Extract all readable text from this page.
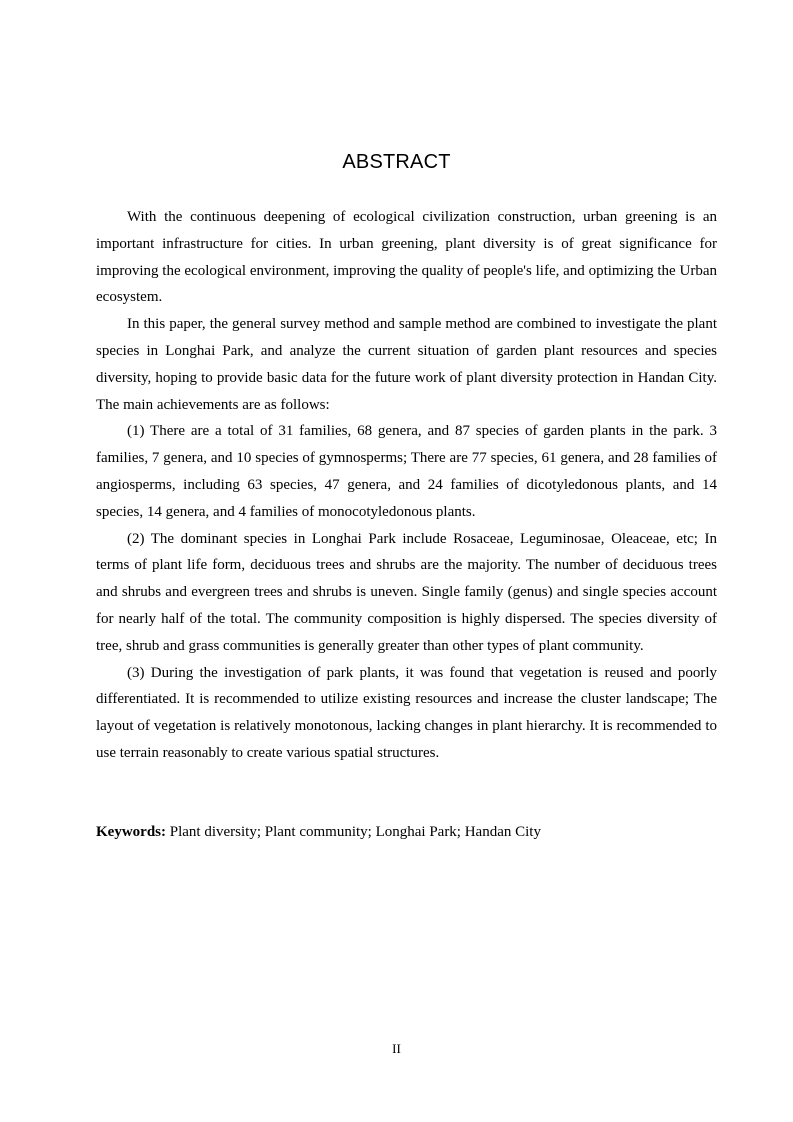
ABSTRACT

With the continuous deepening of ecological civilization construction, urban greening is an important infrastructure for cities. In urban greening, plant diversity is of great significance for improving the ecological environment, improving the quality of people's life, and optimizing the Urban ecosystem.

In this paper, the general survey method and sample method are combined to investigate the plant species in Longhai Park, and analyze the current situation of garden plant resources and species diversity, hoping to provide basic data for the future work of plant diversity protection in Handan City. The main achievements are as follows:

(1) There are a total of 31 families, 68 genera, and 87 species of garden plants in the park. 3 families, 7 genera, and 10 species of gymnosperms; There are 77 species, 61 genera, and 28 families of angiosperms, including 63 species, 47 genera, and 24 families of dicotyledonous plants, and 14 species, 14 genera, and 4 families of monocotyledonous plants.

(2) The dominant species in Longhai Park include Rosaceae, Leguminosae, Oleaceae, etc; In terms of plant life form, deciduous trees and shrubs are the majority. The number of deciduous trees and shrubs and evergreen trees and shrubs is uneven. Single family (genus) and single species account for nearly half of the total. The community composition is highly dispersed. The species diversity of tree, shrub and grass communities is generally greater than other types of plant community.

(3) During the investigation of park plants, it was found that vegetation is reused and poorly differentiated. It is recommended to utilize existing resources and increase the cluster landscape; The layout of vegetation is relatively monotonous, lacking changes in plant hierarchy. It is recommended to use terrain reasonably to create various spatial structures.

Keywords: Plant diversity; Plant community; Longhai Park; Handan City
II
